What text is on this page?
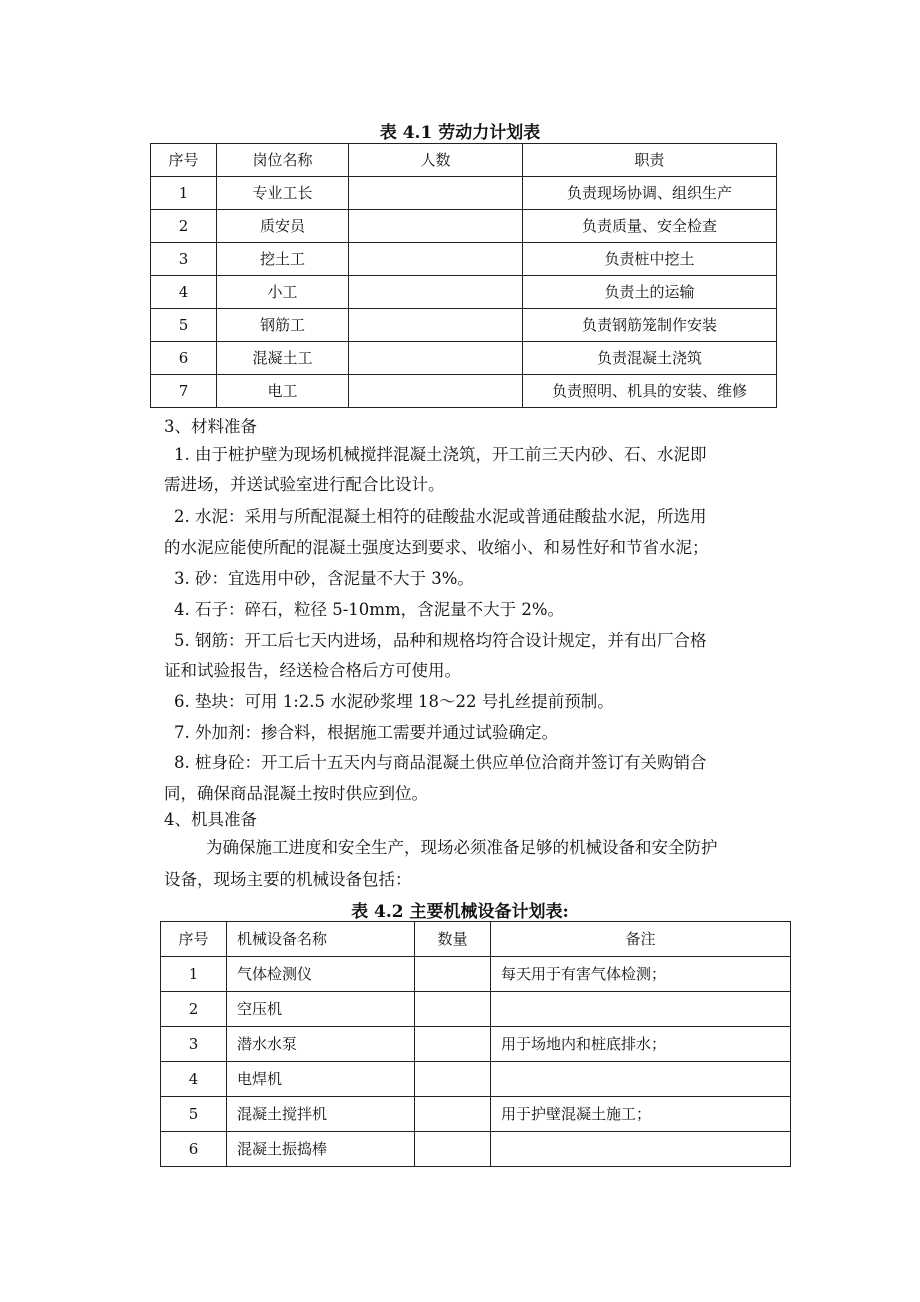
表 4.1 劳动力计划表
序号	岗位名称	人数	职责
1	专业工长		负责现场协调、组织生产
2	质安员		负责质量、安全检查
3	挖土工		负责桩中挖土
4	小工		负责土的运输
5	钢筋工		负责钢筋笼制作安装
6	混凝土工		负责混凝土浇筑
7	电工		负责照明、机具的安装、维修
3、材料准备
1. 由于桩护壁为现场机械搅拌混凝土浇筑，开工前三天内砂、石、水泥即
需进场，并送试验室进行配合比设计。
2. 水泥：采用与所配混凝土相符的硅酸盐水泥或普通硅酸盐水泥，所选用
的水泥应能使所配的混凝土强度达到要求、收缩小、和易性好和节省水泥；
3. 砂：宜选用中砂，含泥量不大于 3%。
4. 石子：碎石，粒径 5-10mm，含泥量不大于 2%。
5. 钢筋：开工后七天内进场，品种和规格均符合设计规定，并有出厂合格
证和试验报告，经送检合格后方可使用。
6. 垫块：可用 1:2.5 水泥砂浆埋 18～22 号扎丝提前预制。
7. 外加剂：掺合料，根据施工需要并通过试验确定。
8. 桩身砼：开工后十五天内与商品混凝土供应单位洽商并签订有关购销合
同，确保商品混凝土按时供应到位。
4、机具准备
为确保施工进度和安全生产，现场必须准备足够的机械设备和安全防护
设备，现场主要的机械设备包括：
表 4.2 主要机械设备计划表:
序号	机械设备名称	数量	备注
1	气体检测仪		每天用于有害气体检测；
2	空压机		
3	潜水水泵		用于场地内和桩底排水；
4	电焊机		
5	混凝土搅拌机		用于护壁混凝土施工；
6	混凝土振捣棒		
